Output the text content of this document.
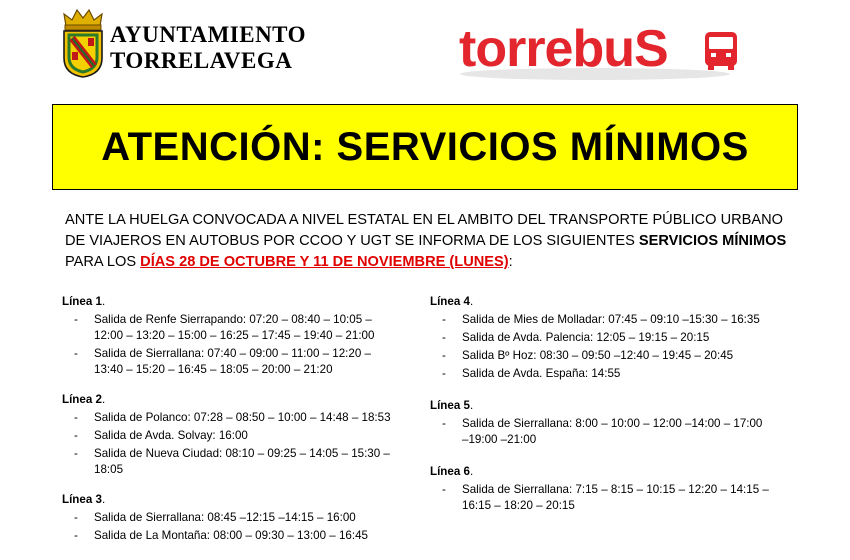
AYUNTAMIENTO
TORRELAVEGA	torrebuS
ATENCIÓN: SERVICIOS MÍNIMOS
ANTE LA HUELGA CONVOCADA A NIVEL ESTATAL EN EL AMBITO DEL TRANSPORTE PÚBLICO URBANO DE VIAJEROS EN AUTOBUS POR CCOO Y UGT SE INFORMA DE LOS SIGUIENTES SERVICIOS MÍNIMOS PARA LOS DÍAS 28 DE OCTUBRE Y 11 DE NOVIEMBRE (LUNES):
Línea 1.
- Salida de Renfe Sierrapando: 07:20 – 08:40 – 10:05 – 12:00 – 13:20 – 15:00 – 16:25 – 17:45 – 19:40 – 21:00
- Salida de Sierrallana: 07:40 – 09:00 – 11:00 – 12:20 – 13:40 – 15:20 – 16:45 – 18:05 – 20:00 – 21:20
Línea 2.
- Salida de Polanco: 07:28 – 08:50 – 10:00 – 14:48 – 18:53
- Salida de Avda. Solvay: 16:00
- Salida de Nueva Ciudad: 08:10 – 09:25 – 14:05 – 15:30 – 18:05
Línea 3.
- Salida de Sierrallana: 08:45 –12:15 –14:15 – 16:00
- Salida de La Montaña: 08:00 – 09:30 – 13:00 – 16:45
Línea 4.
- Salida de Mies de Molladar: 07:45 – 09:10 –15:30 – 16:35
- Salida de Avda. Palencia: 12:05 – 19:15 – 20:15
- Salida Bº Hoz: 08:30 – 09:50 –12:40 – 19:45 – 20:45
- Salida de Avda. España: 14:55
Línea 5.
- Salida de Sierrallana: 8:00 – 10:00 – 12:00 –14:00 – 17:00 –19:00 –21:00
Línea 6.
- Salida de Sierrallana: 7:15 – 8:15 – 10:15 – 12:20 – 14:15 – 16:15 – 18:20 – 20:15
